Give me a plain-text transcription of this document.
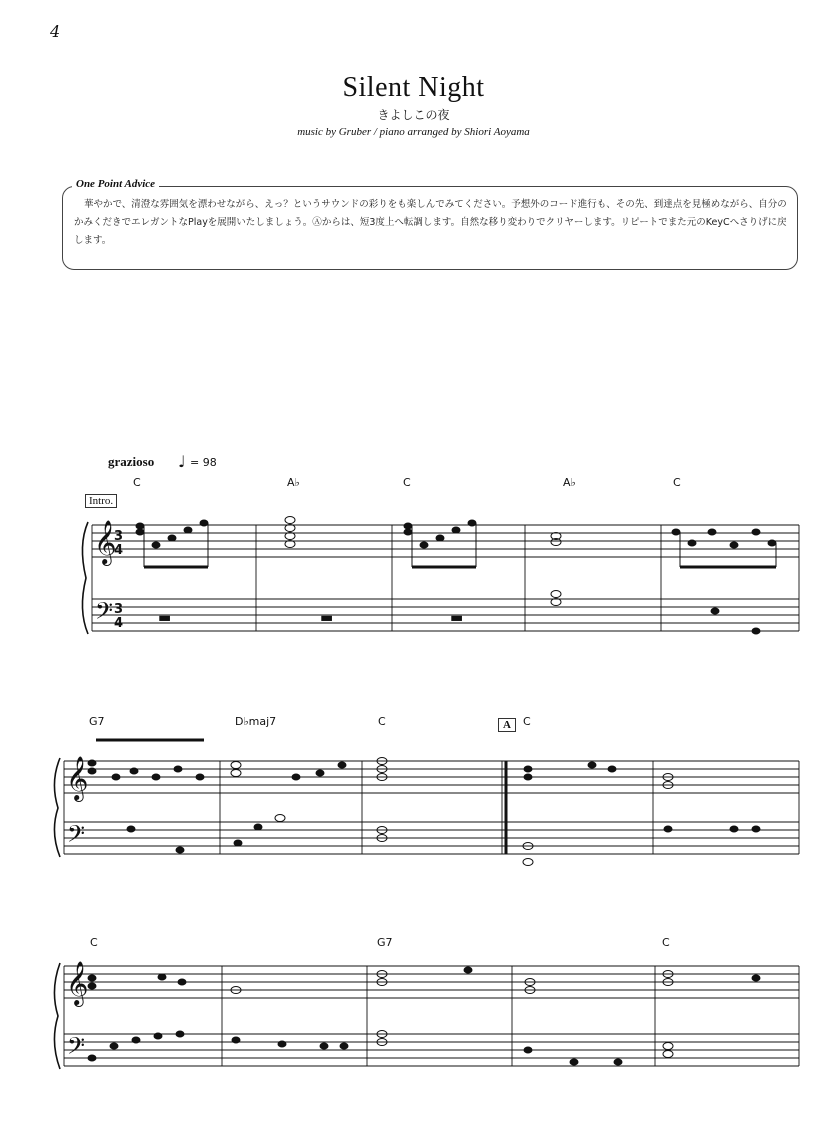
4
Silent Night
きよしこの夜
music by Gruber / piano arranged by Shiori Aoyama
One Point Advice
華やかで、清澄な雰囲気を漂わせながら、えっ？というサウンドの彩りをも楽しんでみてください。予想外のコード進行も、その先、到達点を見極めながら、自分のかみくだきでエレガントなPlayを展開いたしましょう。Ⓐからは、短3度上へ転調します。自然な移り変わりでクリヤーします。リピートでまた元のKeyCへさりげに戻します。
grazioso ♩ = 98
Intro.
A
C	A♭	C	A♭	C
G7	D♭maj7	C	C
C	G7	C
𝄞
𝄢
3
4
3
4
𝄞
𝄢
𝄞
𝄢
▬	▬	▬
